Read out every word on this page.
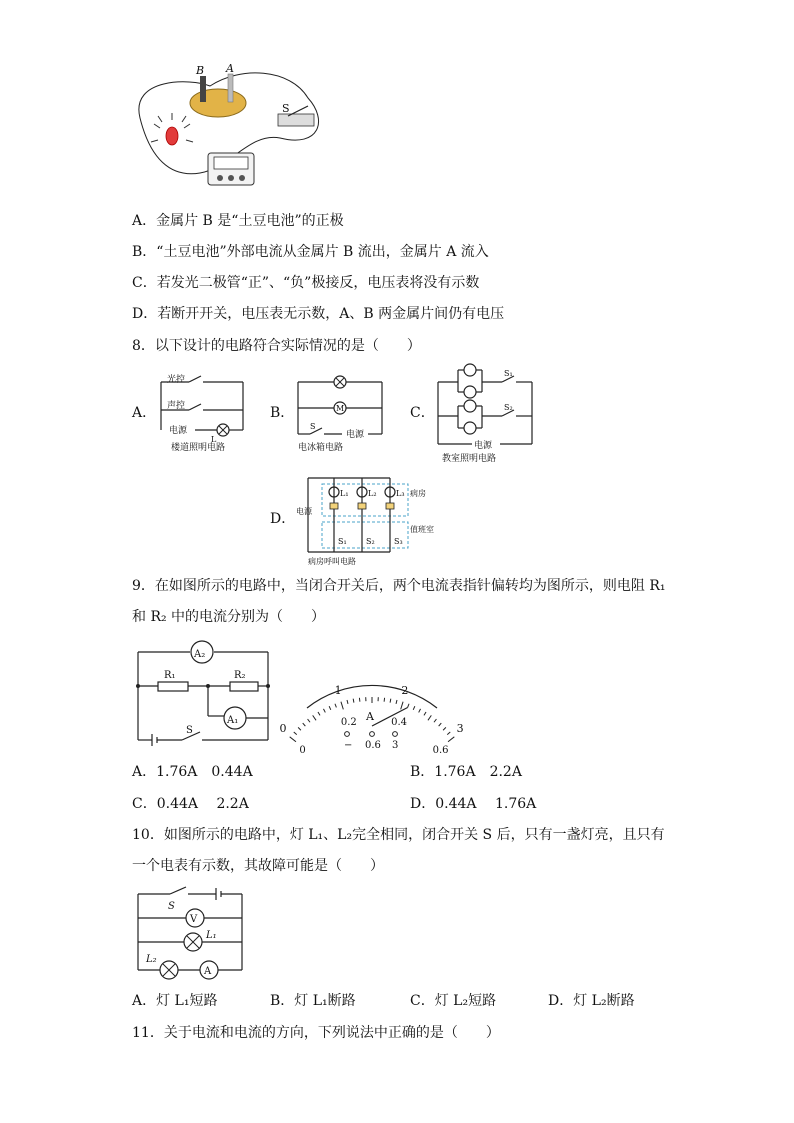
B A
S
A．金属片 B 是“土豆电池”的正极
B．“土豆电池”外部电流从金属片 B 流出，金属片 A 流入
C．若发光二极管“正”、“负”极接反，电压表将没有示数
D．若断开开关，电压表无示数，A、B 两金属片间仍有电压
8．以下设计的电路符合实际情况的是（　　）
A．
光控
声控
电源
L
楼道照明电路
B．	M
S
电源
电冰箱电路
C．
S₁
S₂
电源
教室照明电路
D． 电源
L₁ L₂ L₃ 病房
值班室
S₁ S₂ S₃
病房呼叫电路
9．在如图所示的电路中，当闭合开关后，两个电流表指针偏转均为图所示，则电阻 R₁
和 R₂ 中的电流分别为（　　）
A₂
R₁	R₂
A₁
S	0
1	2
3
0
0.2	0.4
0.6
A
− 0.6 3
A．1.76A　0.44A	B．1.76A　2.2A
C．0.44A　 2.2A	D．0.44A　 1.76A
10．如图所示的电路中，灯 L₁、L₂完全相同，闭合开关 S 后，只有一盏灯亮，且只有
一个电表有示数，其故障可能是（　　）
S
V
L₁
L₂
A
A．灯 L₁短路	B．灯 L₁断路	C．灯 L₂短路	D．灯 L₂断路
11．关于电流和电流的方向，下列说法中正确的是（　　）
